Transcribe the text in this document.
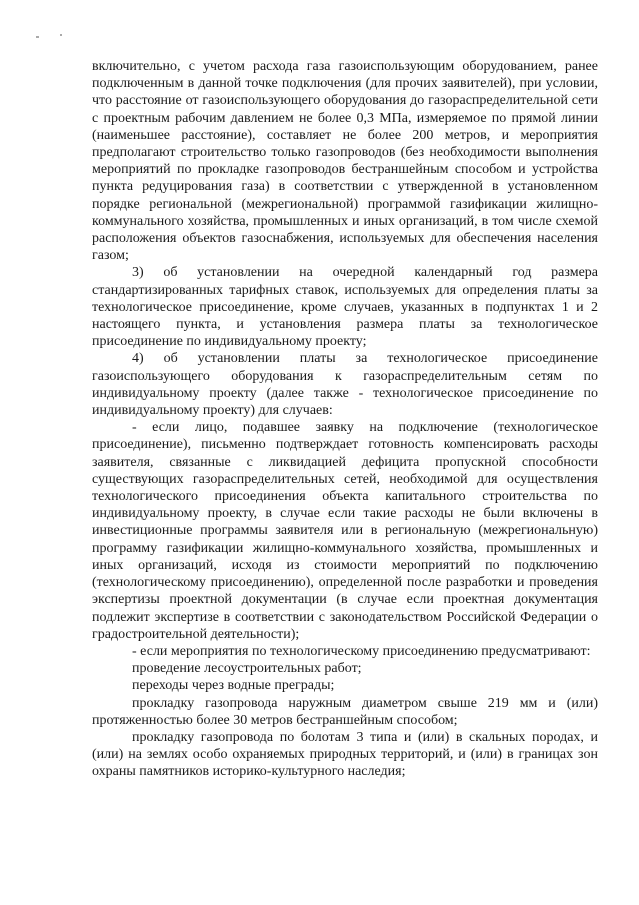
включительно, с учетом расхода газа газоиспользующим оборудованием, ранее подключенным в данной точке подключения (для прочих заявителей), при условии, что расстояние от газоиспользующего оборудования до газораспределительной сети с проектным рабочим давлением не более 0,3 МПа, измеряемое по прямой линии (наименьшее расстояние), составляет не более 200 метров, и мероприятия предполагают строительство только газопроводов (без необходимости выполнения мероприятий по прокладке газопроводов бестраншейным способом и устройства пункта редуцирования газа) в соответствии с утвержденной в установленном порядке региональной (межрегиональной) программой газификации жилищно-коммунального хозяйства, промышленных и иных организаций, в том числе схемой расположения объектов газоснабжения, используемых для обеспечения населения газом;

3) об установлении на очередной календарный год размера стандартизированных тарифных ставок, используемых для определения платы за технологическое присоединение, кроме случаев, указанных в подпунктах 1 и 2 настоящего пункта, и установления размера платы за технологическое присоединение по индивидуальному проекту;

4) об установлении платы за технологическое присоединение газоиспользующего оборудования к газораспределительным сетям по индивидуальному проекту (далее также - технологическое присоединение по индивидуальному проекту) для случаев:

- если лицо, подавшее заявку на подключение (технологическое присоединение), письменно подтверждает готовность компенсировать расходы заявителя, связанные с ликвидацией дефицита пропускной способности существующих газораспределительных сетей, необходимой для осуществления технологического присоединения объекта капитального строительства по индивидуальному проекту, в случае если такие расходы не были включены в инвестиционные программы заявителя или в региональную (межрегиональную) программу газификации жилищно-коммунального хозяйства, промышленных и иных организаций, исходя из стоимости мероприятий по подключению (технологическому присоединению), определенной после разработки и проведения экспертизы проектной документации (в случае если проектная документация подлежит экспертизе в соответствии с законодательством Российской Федерации о градостроительной деятельности);

- если мероприятия по технологическому присоединению предусматривают:

проведение лесоустроительных работ;

переходы через водные преграды;

прокладку газопровода наружным диаметром свыше 219 мм и (или) протяженностью более 30 метров бестраншейным способом;

прокладку газопровода по болотам 3 типа и (или) в скальных породах, и (или) на землях особо охраняемых природных территорий, и (или) в границах зон охраны памятников историко-культурного наследия;
